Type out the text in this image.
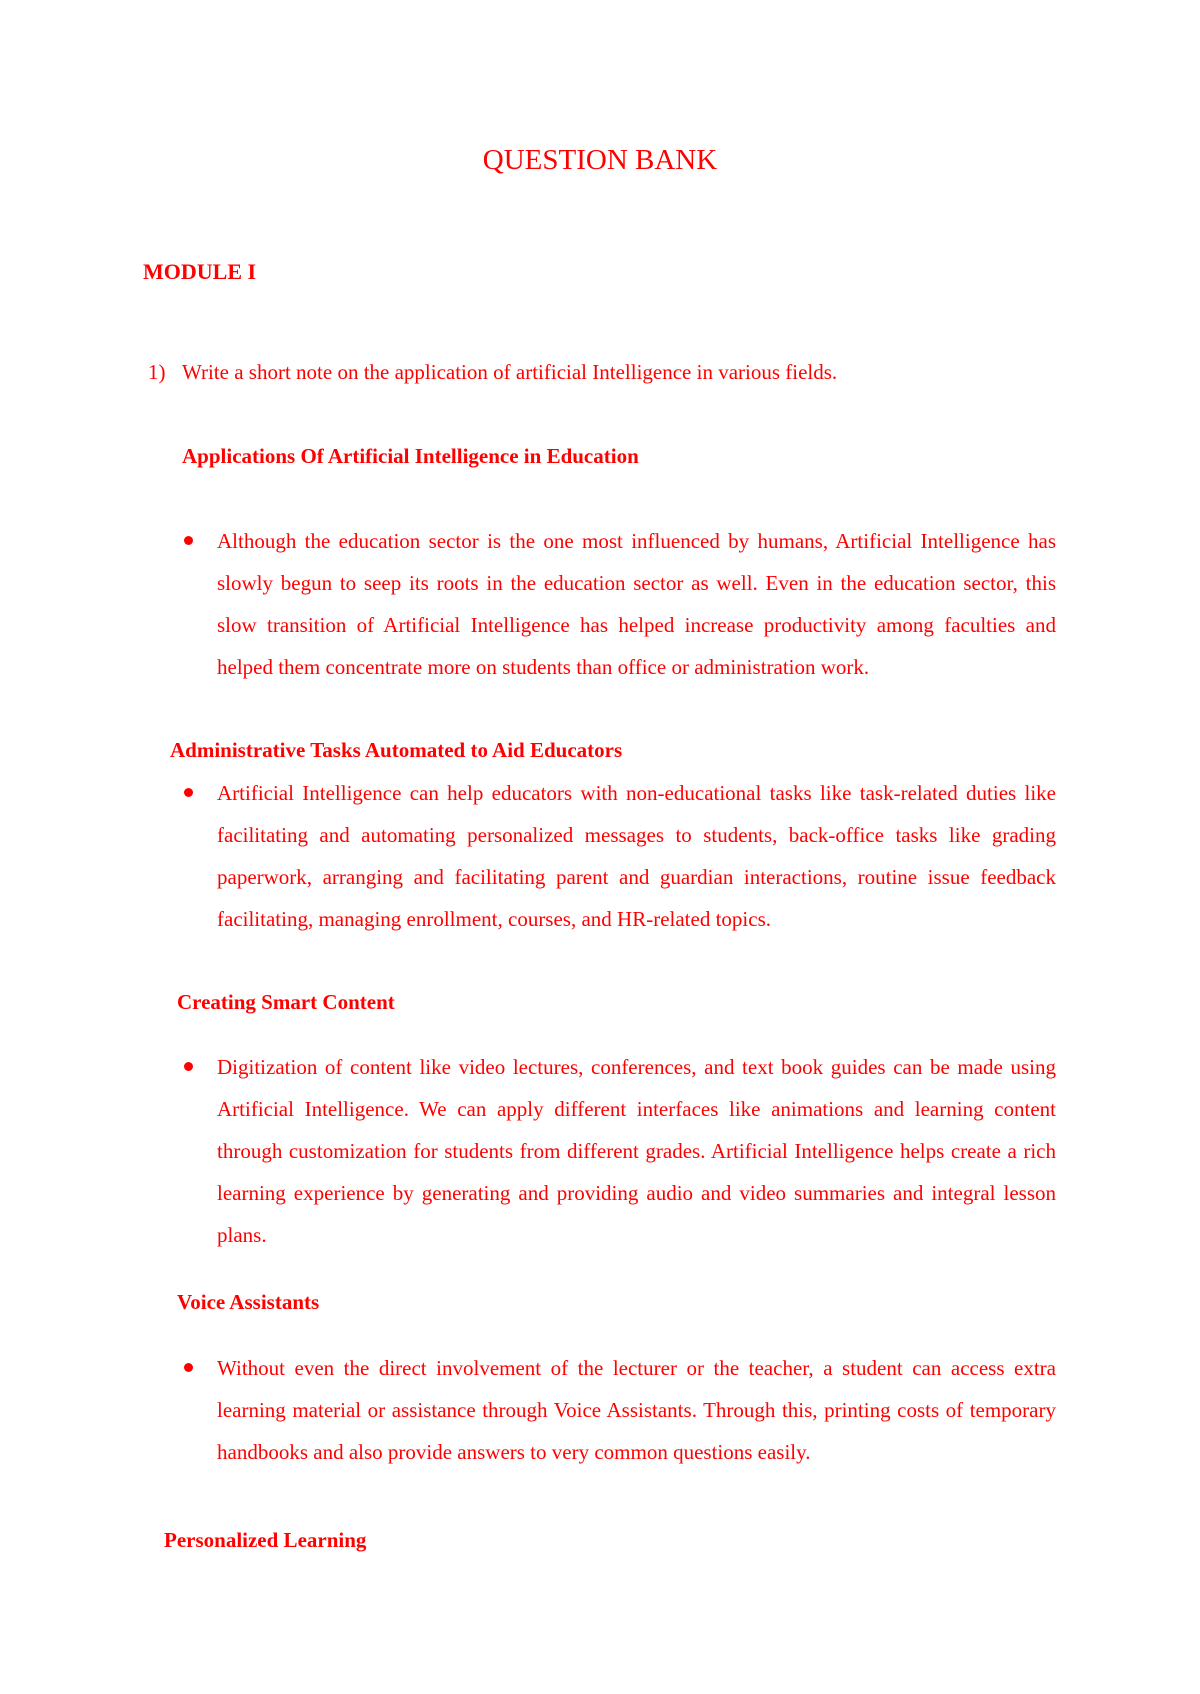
QUESTION BANK
MODULE I

1) Write a short note on the application of artificial Intelligence in various fields.

Applications Of Artificial Intelligence in Education

Although the education sector is the one most influenced by humans, Artificial Intelligence has slowly begun to seep its roots in the education sector as well. Even in the education sector, this slow transition of Artificial Intelligence has helped increase productivity among faculties and helped them concentrate more on students than office or administration work.

Administrative Tasks Automated to Aid Educators

Artificial Intelligence can help educators with non-educational tasks like task-related duties like facilitating and automating personalized messages to students, back-office tasks like grading paperwork, arranging and facilitating parent and guardian interactions, routine issue feedback facilitating, managing enrollment, courses, and HR-related topics.

Creating Smart Content

Digitization of content like video lectures, conferences, and text book guides can be made using Artificial Intelligence. We can apply different interfaces like animations and learning content through customization for students from different grades. Artificial Intelligence helps create a rich learning experience by generating and providing audio and video summaries and integral lesson plans.

Voice Assistants

Without even the direct involvement of the lecturer or the teacher, a student can access extra learning material or assistance through Voice Assistants. Through this, printing costs of temporary handbooks and also provide answers to very common questions easily.

Personalized Learning
